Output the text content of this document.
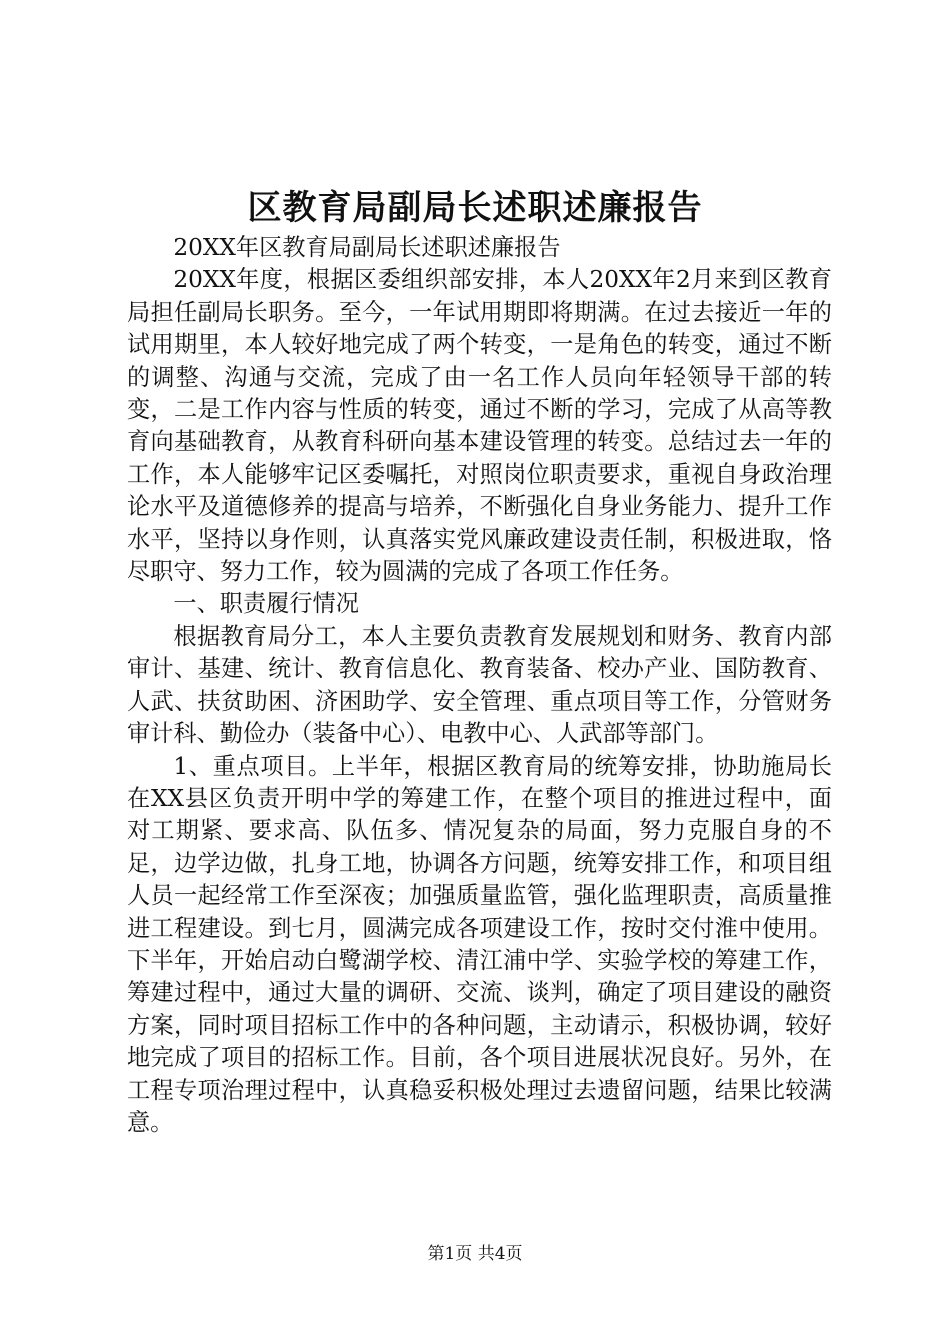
区教育局副局长述职述廉报告

20XX年区教育局副局长述职述廉报告

20XX年度，根据区委组织部安排，本人20XX年2月来到区教育局担任副局长职务。至今，一年试用期即将期满。在过去接近一年的试用期里，本人较好地完成了两个转变，一是角色的转变，通过不断的调整、沟通与交流，完成了由一名工作人员向年轻领导干部的转变，二是工作内容与性质的转变，通过不断的学习，完成了从高等教育向基础教育，从教育科研向基本建设管理的转变。总结过去一年的工作，本人能够牢记区委嘱托，对照岗位职责要求，重视自身政治理论水平及道德修养的提高与培养，不断强化自身业务能力、提升工作水平，坚持以身作则，认真落实党风廉政建设责任制，积极进取，恪尽职守、努力工作，较为圆满的完成了各项工作任务。

一、职责履行情况

根据教育局分工，本人主要负责教育发展规划和财务、教育内部审计、基建、统计、教育信息化、教育装备、校办产业、国防教育、人武、扶贫助困、济困助学、安全管理、重点项目等工作，分管财务审计科、勤俭办（装备中心）、电教中心、人武部等部门。

1、重点项目。上半年，根据区教育局的统筹安排，协助施局长在XX县区负责开明中学的筹建工作，在整个项目的推进过程中，面对工期紧、要求高、队伍多、情况复杂的局面，努力克服自身的不足，边学边做，扎身工地，协调各方问题，统筹安排工作，和项目组人员一起经常工作至深夜；加强质量监管，强化监理职责，高质量推进工程建设。到七月，圆满完成各项建设工作，按时交付淮中使用。下半年，开始启动白鹭湖学校、清江浦中学、实验学校的筹建工作，筹建过程中，通过大量的调研、交流、谈判，确定了项目建设的融资方案，同时项目招标工作中的各种问题，主动请示，积极协调，较好地完成了项目的招标工作。目前，各个项目进展状况良好。另外，在工程专项治理过程中，认真稳妥积极处理过去遗留问题，结果比较满意。

第1页 共4页
